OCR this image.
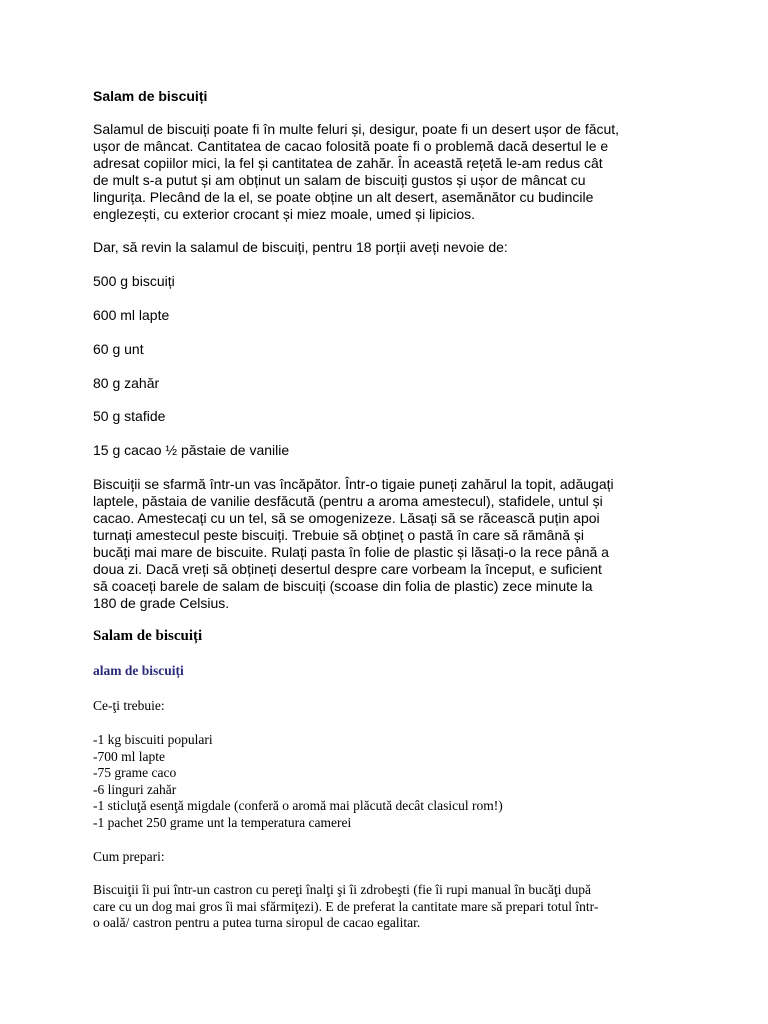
Salam de biscuiți
Salamul de biscuiți poate fi în multe feluri și, desigur, poate fi un desert ușor de făcut,
ușor de mâncat. Cantitatea de cacao folosită poate fi o problemă dacă desertul le e
adresat copiilor mici, la fel și cantitatea de zahăr. În această rețetă le-am redus cât
de mult s-a putut și am obținut un salam de biscuiți gustos și ușor de mâncat cu
lingurița. Plecând de la el, se poate obține un alt desert, asemănător cu budincile
englezești, cu exterior crocant și miez moale, umed și lipicios.
Dar, să revin la salamul de biscuiți, pentru 18 porții aveți nevoie de:
500 g biscuiți
600 ml lapte
60 g unt
80 g zahăr
50 g stafide
15 g cacao ½ păstaie de vanilie
Biscuiții se sfarmă într-un vas încăpător. Într-o tigaie puneți zahărul la topit, adăugați
laptele, păstaia de vanilie desfăcută (pentru a aroma amestecul), stafidele, untul și
cacao. Amestecați cu un tel, să se omogenizeze. Lăsați să se răcească puțin apoi
turnați amestecul peste biscuiți. Trebuie să obțineț o pastă în care să rămână și
bucăți mai mare de biscuite. Rulați pasta în folie de plastic și lăsați-o la rece până a
doua zi. Dacă vreți să obțineți desertul despre care vorbeam la început, e suficient
să coaceți barele de salam de biscuiți (scoase din folia de plastic) zece minute la
180 de grade Celsius.
Salam de biscuiți
alam de biscuiți
Ce-ţi trebuie:
-1 kg biscuiti populari
-700 ml lapte
-75 grame caco
-6 linguri zahăr
-1 sticluţă esenţă migdale (conferă o aromă mai plăcută decât clasicul rom!)
-1 pachet 250 grame unt la temperatura camerei
Cum prepari:
Biscuiţii îi pui într-un castron cu pereţi înalţi şi îi zdrobeşti (fie îi rupi manual în bucăţi după
care cu un dog mai gros îi mai sfărmiţezi). E de preferat la cantitate mare să prepari totul într-
o oală/ castron pentru a putea turna siropul de cacao egalitar.
